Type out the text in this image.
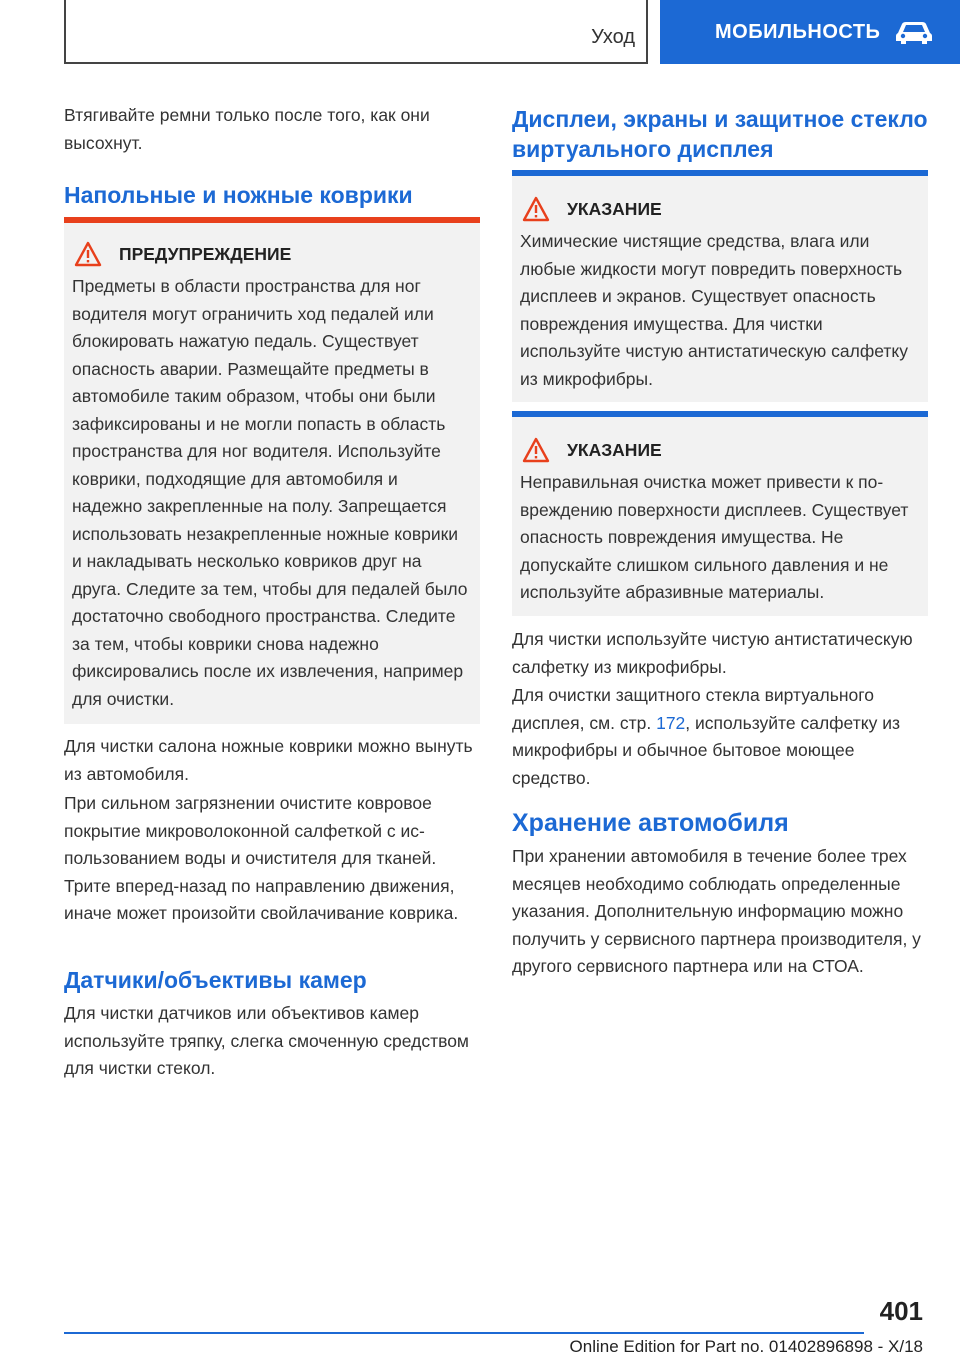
Уход	МОБИЛЬНОСТЬ

Втягивайте ремни только после того, как они высохнут.

Напольные и ножные коврики
ПРЕДУПРЕЖДЕНИЕ

Предметы в области пространства для ног водителя могут ограничить ход педалей или блокировать нажатую педаль. Существует опасность аварии. Размещайте предметы в автомобиле таким образом, чтобы они были зафиксированы и не могли попасть в область пространства для ног водителя. Используйте коврики, подходящие для автомобиля и надежно закрепленные на полу. Запрещается использовать незакрепленные ножные коврики и накладывать несколько ковриков друг на друга. Следите за тем, чтобы для педалей было достаточно свободного пространства. Следите за тем, чтобы коврики снова надежно фиксировались после их извлечения, например для очистки.

Для чистки салона ножные коврики можно вынуть из автомобиля.

При сильном загрязнении очистите ковровое покрытие микроволоконной салфеткой с использованием воды и очистителя для тканей. Трите вперед-назад по направлению движения, иначе может произойти свойлачивание коврика.

Датчики/объективы камер

Для чистки датчиков или объективов камер используйте тряпку, слегка смоченную средством для чистки стекол.

Дисплеи, экраны и защитное стекло виртуального дисплея
УКАЗАНИЕ

Химические чистящие средства, влага или любые жидкости могут повредить поверхность дисплеев и экранов. Существует опасность повреждения имущества. Для чистки используйте чистую антистатическую салфетку из микрофибры.

УКАЗАНИЕ

Неправильная очистка может привести к повреждению поверхности дисплеев. Существует опасность повреждения имущества. Не допускайте слишком сильного давления и не используйте абразивные материалы.

Для чистки используйте чистую антистатическую салфетку из микрофибры.

Для очистки защитного стекла виртуального дисплея, см. стр. 172, используйте салфетку из микрофибры и обычное бытовое моющее средство.

Хранение автомобиля

При хранении автомобиля в течение более трех месяцев необходимо соблюдать определенные указания. Дополнительную информацию можно получить у сервисного партнера производителя, у другого сервисного партнера или на СТОА.

401
Online Edition for Part no. 01402896898 - X/18
